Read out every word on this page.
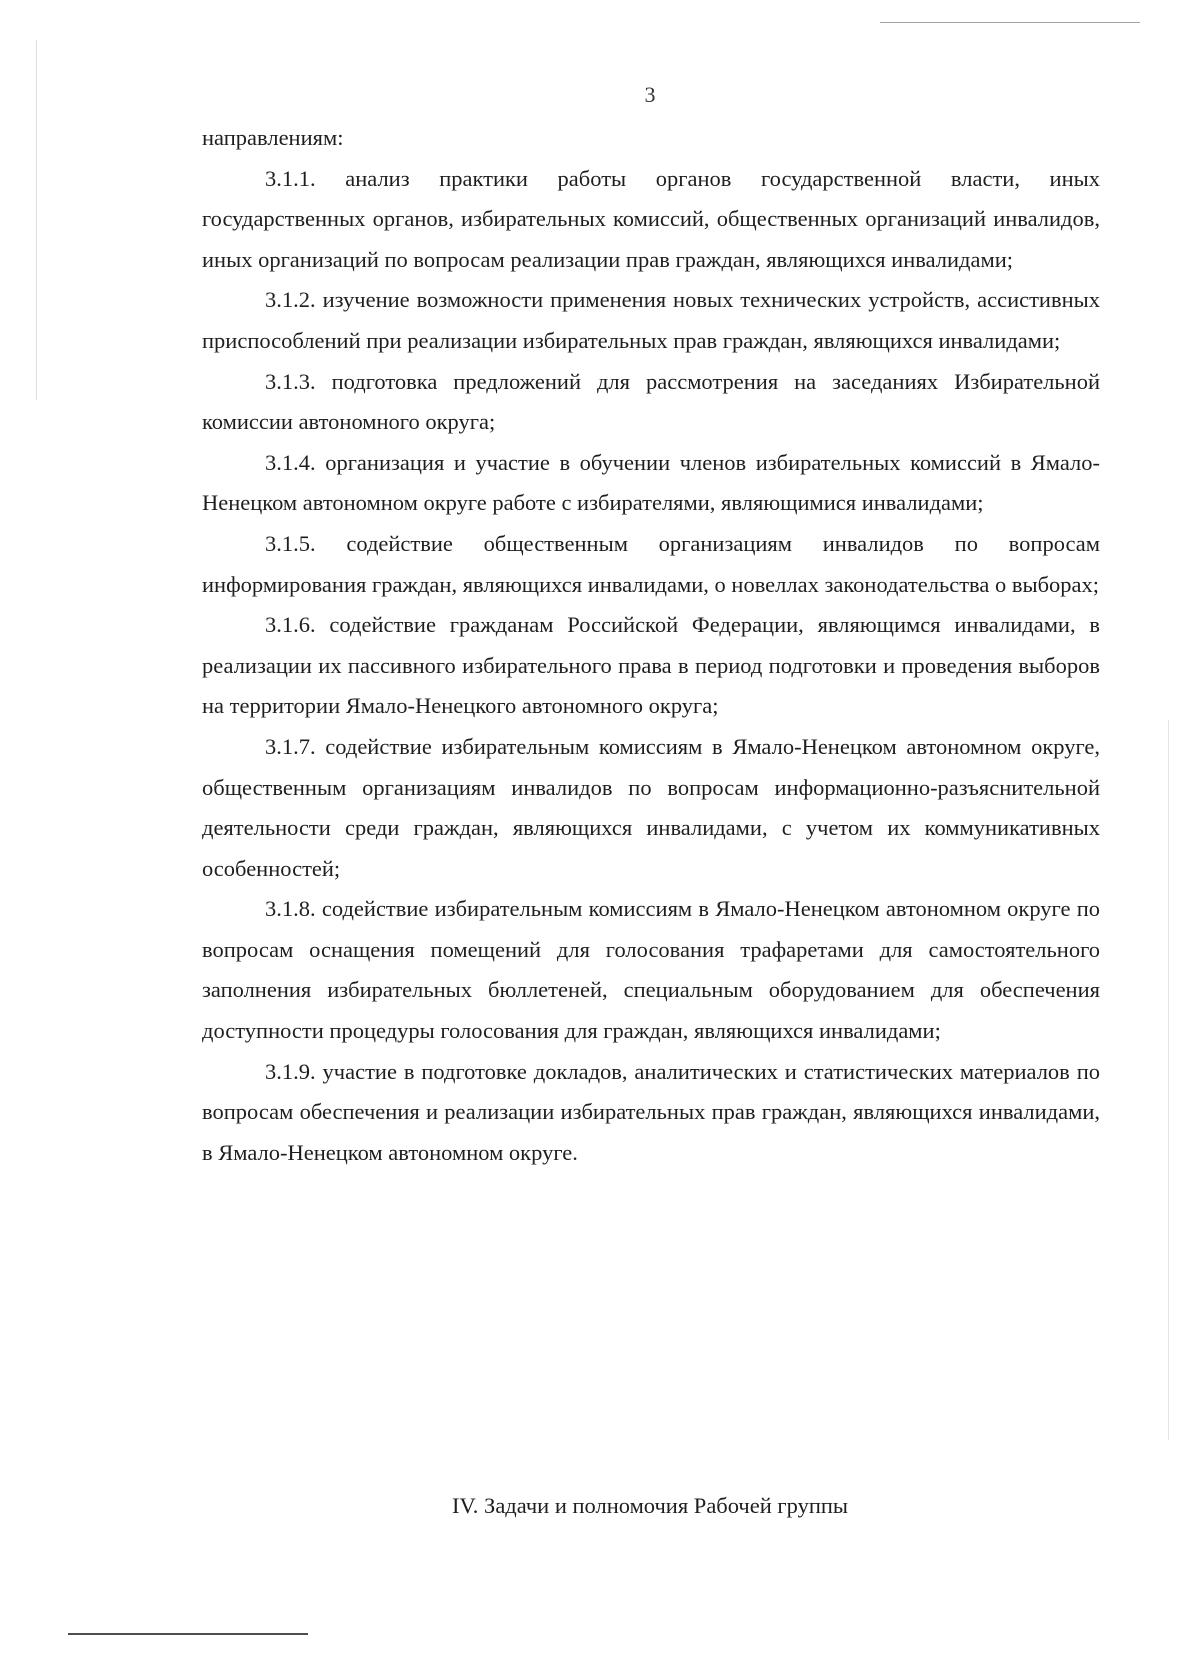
3

направлениям:

3.1.1. анализ практики работы органов государственной власти, иных государственных органов, избирательных комиссий, общественных организаций инвалидов, иных организаций по вопросам реализации прав граждан, являющихся инвалидами;

3.1.2. изучение возможности применения новых технических устройств, ассистивных приспособлений при реализации избирательных прав граждан, являющихся инвалидами;

3.1.3. подготовка предложений для рассмотрения на заседаниях Избирательной комиссии автономного округа;

3.1.4. организация и участие в обучении членов избирательных комиссий в Ямало-Ненецком автономном округе работе с избирателями, являющимися инвалидами;

3.1.5. содействие общественным организациям инвалидов по вопросам информирования граждан, являющихся инвалидами, о новеллах законодательства о выборах;

3.1.6. содействие гражданам Российской Федерации, являющимся инвалидами, в реализации их пассивного избирательного права в период подготовки и проведения выборов на территории Ямало-Ненецкого автономного округа;

3.1.7. содействие избирательным комиссиям в Ямало-Ненецком автономном округе, общественным организациям инвалидов по вопросам информационно-разъяснительной деятельности среди граждан, являющихся инвалидами, с учетом их коммуникативных особенностей;

3.1.8. содействие избирательным комиссиям в Ямало-Ненецком автономном округе по вопросам оснащения помещений для голосования трафаретами для самостоятельного заполнения избирательных бюллетеней, специальным оборудованием для обеспечения доступности процедуры голосования для граждан, являющихся инвалидами;

3.1.9. участие в подготовке докладов, аналитических и статистических материалов по вопросам обеспечения и реализации избирательных прав граждан, являющихся инвалидами, в Ямало-Ненецком автономном округе.

IV. Задачи и полномочия Рабочей группы
